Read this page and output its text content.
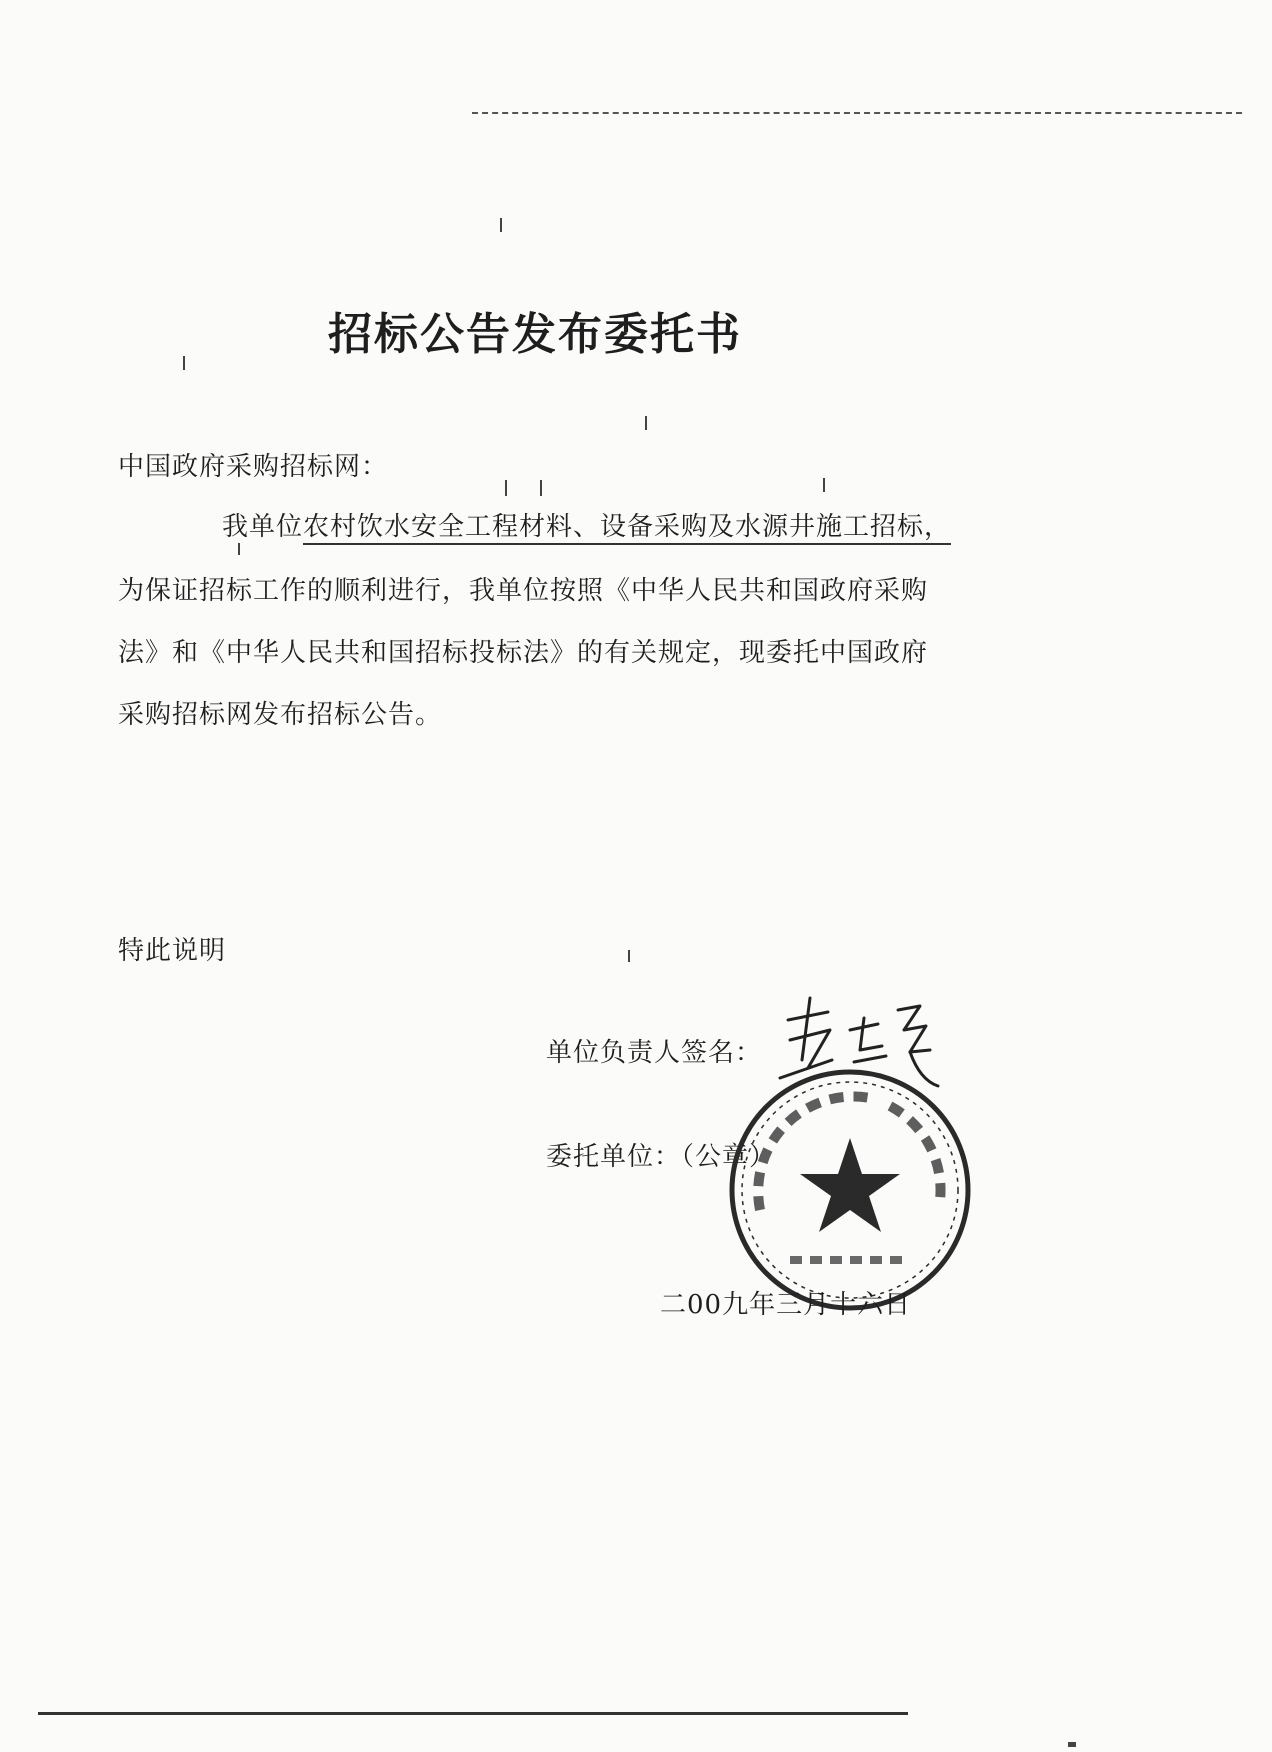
招标公告发布委托书
中国政府采购招标网：
我单位农村饮水安全工程材料、设备采购及水源井施工招标，
为保证招标工作的顺利进行，我单位按照《中华人民共和国政府采购
法》和《中华人民共和国招标投标法》的有关规定，现委托中国政府
采购招标网发布招标公告。
特此说明
单位负责人签名：
委托单位：（公章）
二00九年三月十六日
